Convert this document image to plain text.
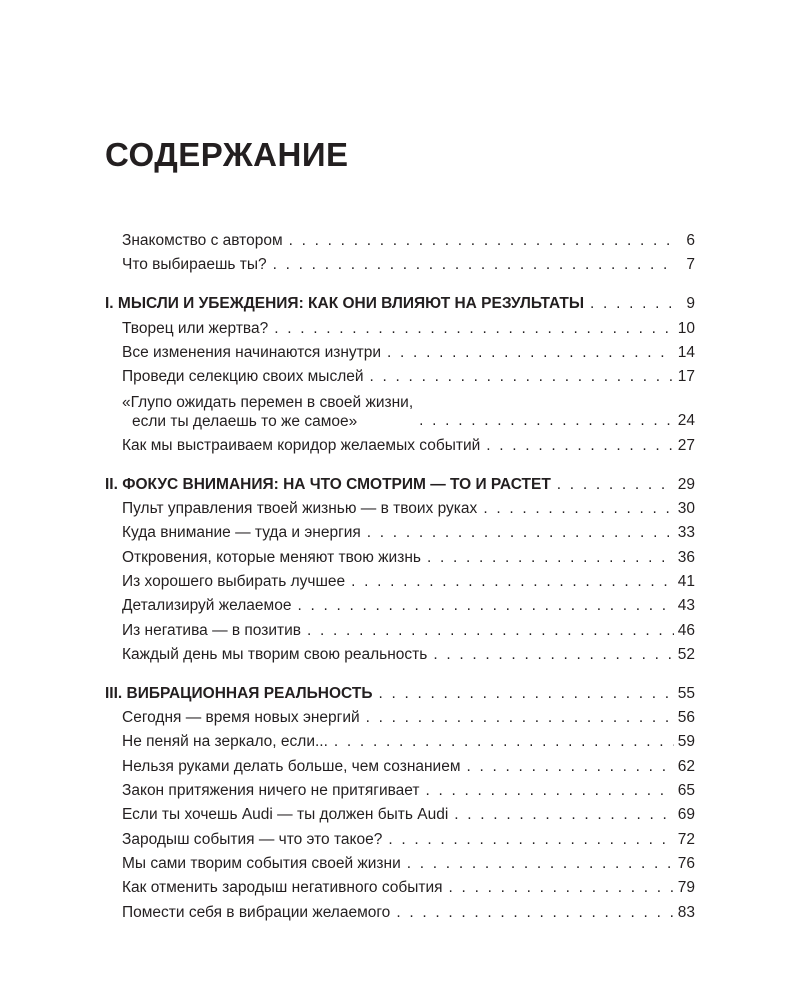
СОДЕРЖАНИЕ
Знакомство с автором . . .	6
Что выбираешь ты? . . .	7
I. МЫСЛИ И УБЕЖДЕНИЯ: КАК ОНИ ВЛИЯЮТ НА РЕЗУЛЬТАТЫ . . .	9
Творец или жертва? . . .	10
Все изменения начинаются изнутри . . .	14
Проведи селекцию своих мыслей . . .	17
«Глупо ожидать перемен в своей жизни,
если ты делаешь то же самое» . . .	24
Как мы выстраиваем коридор желаемых событий . . .	27
II. ФОКУС ВНИМАНИЯ: НА ЧТО СМОТРИМ — ТО И РАСТЕТ . . .	29
Пульт управления твоей жизнью — в твоих руках . . .	30
Куда внимание — туда и энергия . . .	33
Откровения, которые меняют твою жизнь . . .	36
Из хорошего выбирать лучшее . . .	41
Детализируй желаемое . . .	43
Из негатива — в позитив . . .	46
Каждый день мы творим свою реальность . . .	52
III. ВИБРАЦИОННАЯ РЕАЛЬНОСТЬ . . .	55
Сегодня — время новых энергий . . .	56
Не пеняй на зеркало, если... . . .	59
Нельзя руками делать больше, чем сознанием . . .	62
Закон притяжения ничего не притягивает . . .	65
Если ты хочешь Audi — ты должен быть Audi . . .	69
Зародыш события — что это такое? . . .	72
Мы сами творим события своей жизни . . .	76
Как отменить зародыш негативного события . . .	79
Помести себя в вибрации желаемого . . .	83
